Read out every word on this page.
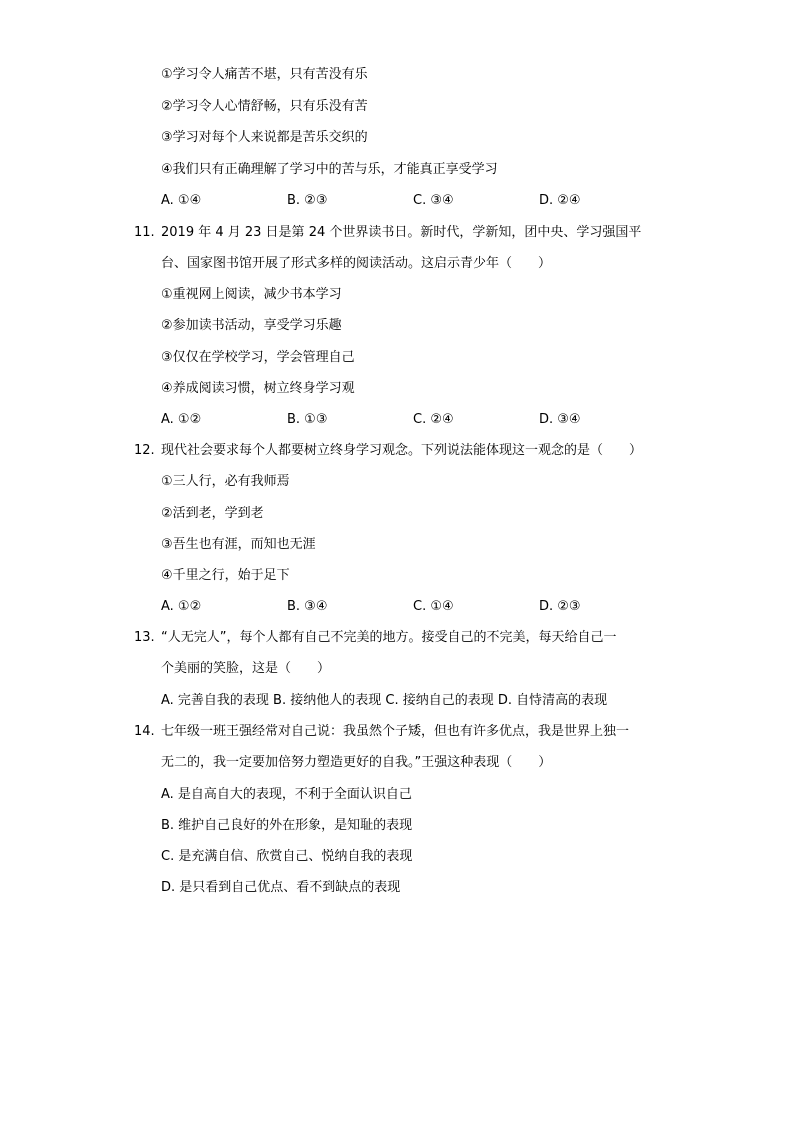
①学习令人痛苦不堪，只有苦没有乐
②学习令人心情舒畅，只有乐没有苦
③学习对每个人来说都是苦乐交织的
④我们只有正确理解了学习中的苦与乐，才能真正享受学习
A. ①④	B. ②③	C. ③④	D. ②④
11. 2019 年 4 月 23 日是第 24 个世界读书日。新时代，学新知，团中央、学习强国平
台、国家图书馆开展了形式多样的阅读活动。这启示青少年（　　）
①重视网上阅读，减少书本学习
②参加读书活动，享受学习乐趣
③仅仅在学校学习，学会管理自己
④养成阅读习惯，树立终身学习观
A. ①②	B. ①③	C. ②④	D. ③④
12. 现代社会要求每个人都要树立终身学习观念。下列说法能体现这一观念的是（　　）
①三人行，必有我师焉
②活到老，学到老
③吾生也有涯，而知也无涯
④千里之行，始于足下
A. ①②	B. ③④	C. ①④	D. ②③
13. “人无完人”，每个人都有自己不完美的地方。接受自己的不完美，每天给自己一
个美丽的笑脸，这是（　　）
A. 完善自我的表现 B. 接纳他人的表现 C. 接纳自己的表现 D. 自恃清高的表现
14. 七年级一班王强经常对自己说：我虽然个子矮，但也有许多优点，我是世界上独一
无二的，我一定要加倍努力塑造更好的自我。”王强这种表现（　　）
A. 是自高自大的表现，不利于全面认识自己
B. 维护自己良好的外在形象，是知耻的表现
C. 是充满自信、欣赏自己、悦纳自我的表现
D. 是只看到自己优点、看不到缺点的表现
